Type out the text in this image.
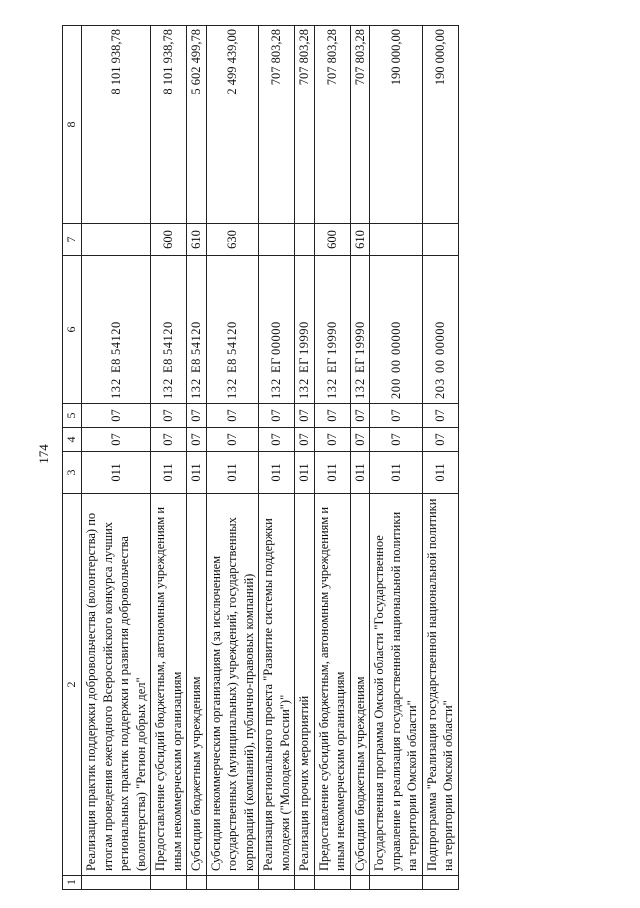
174
1	2	3	4	5	6	7	8
	Реализация практик поддержки добровольчества (волонтерства) по итогам проведения ежегодного Всероссийского конкурса лучших региональных практик поддержки и развития добровольчества (волонтерства) "Регион добрых дел"	011	07	07	132Е854120		8 101 938,78
	Предоставление субсидий бюджетным, автономным учреждениям и иным некоммерческим организациям	011	07	07	132Е854120	600	8 101 938,78
	Субсидии бюджетным учреждениям	011	07	07	132Е854120	610	5 602 499,78
	Субсидии некоммерческим организациям (за исключением государственных (муниципальных) учреждений, государственных корпораций (компаний), публично-правовых компаний)	011	07	07	132Е854120	630	2 499 439,00
	Реализация регионального проекта "Развитие системы поддержки молодежи ("Молодежь России")"	011	07	07	132ЕГ00000		707 803,28
	Реализация прочих мероприятий	011	07	07	132ЕГ19990		707 803,28
	Предоставление субсидий бюджетным, автономным учреждениям и иным некоммерческим организациям	011	07	07	132ЕГ19990	600	707 803,28
	Субсидии бюджетным учреждениям	011	07	07	132ЕГ19990	610	707 803,28
	Государственная программа Омской области "Государственное управление и реализация государственной национальной политики на территории Омской области"	011	07	07	2000000000		190 000,00
	Подпрограмма "Реализация государственной национальной политики на территории Омской области"	011	07	07	2030000000		190 000,00
